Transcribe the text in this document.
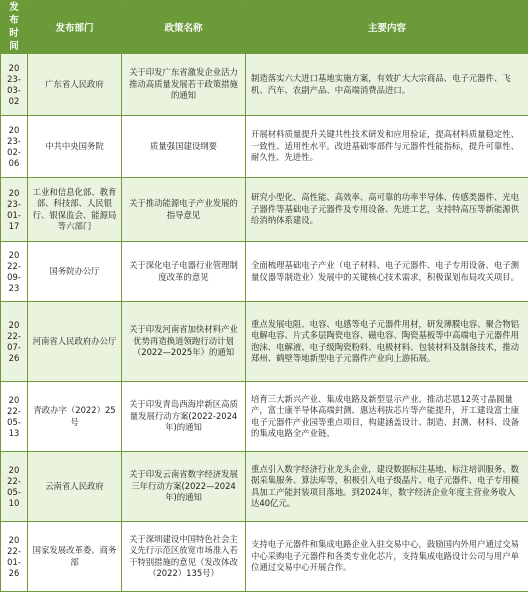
发布时间	发布部门	政策名称	主要内容
2023-03-02	广东省人民政府	关于印发广东省激发企业活力推动高质量发展若干政策措施的通知	制造落实六大进口基地实施方案，有效扩大大宗商品、电子元器件、飞机、汽车、农副产品、中高端消费品进口。
2023-02-06	中共中央国务院	质量强国建设纲要	开展材料质量提升关键共性技术研发和应用验证，提高材料质量稳定性、一致性、适用性水平。改进基础零部件与元器件性能指标，提升可靠性、耐久性、先进性。
2023-01-17	工业和信息化部、教育部、科技部、人民银行、银保监会、能源局等六部门	关于推动能源电子产业发展的指导意见	研究小型化、高性能、高效率、高可靠的功率半导体、传感类器件、光电子器件等基础电子元器件及专用设备、先进工艺，支持特高压等新能源供给消纳体系建设。
2022-09-23	国务院办公厅	关于深化电子电器行业管理制度改革的意见	全面梳理基础电子产业（电子材料、电子元器件、电子专用设备、电子测量仪器等制造业）发展中的关键核心技术需求，积极谋划布局攻关项目。
2022-07-26	河南省人民政府办公厅	关于印发河南省加快材料产业优势再造换道领跑行动计划（2022—2025年）的通知	重点发展电阻、电容、电感等电子元器件用材，研发薄膜电容、聚合物铝电解电容、片式多层陶瓷电容、磁电容、陶瓷基板等中高端电子元器件用泡沫、电解液、电子级陶瓷粉料、电极材料、包装材料及制备技术，推动郑州、鹤壁等地新型电子元器件产业向上游拓展。
2022-05-13	青政办字（2022）25号	关于印发青岛西海岸新区高质量发展行动方案(2022-2024年)的通知	培育三大新兴产业、集成电路及新型显示产业。推动芯恩12英寸晶圆量产，富士康半导体高端封测、惠达利拔芯片等产能提升，开工建设富士康电子元器件产业园等重点项目，构建涵盖设计、制造、封测、材料、设备的集成电路全产业链。
2022-05-10	云南省人民政府	关于印发云南省数字经济发展三年行动方案(2022—2024年)的通知	重点引入数字经济行业龙头企业，建设数据标注基地、标注培训服务、数据采集服务、算法库等，积极引入电子级晶片、电子元器件、电子专用模具加工产能封装项目落地。到2024年，数字经济企业年度主营业务收入达40亿元。
2022-01-26	国家发展改革委、商务部	关于深圳建设中国特色社会主义先行示范区放宽市场准入若干特别措施的意见（发改体改（2022）135号）	支持电子元器件和集成电路企业入驻交易中心，鼓励国内外用户通过交易中心采购电子元器件和各类专业化芯片，支持集成电路设计公司与用户单位通过交易中心开展合作。
